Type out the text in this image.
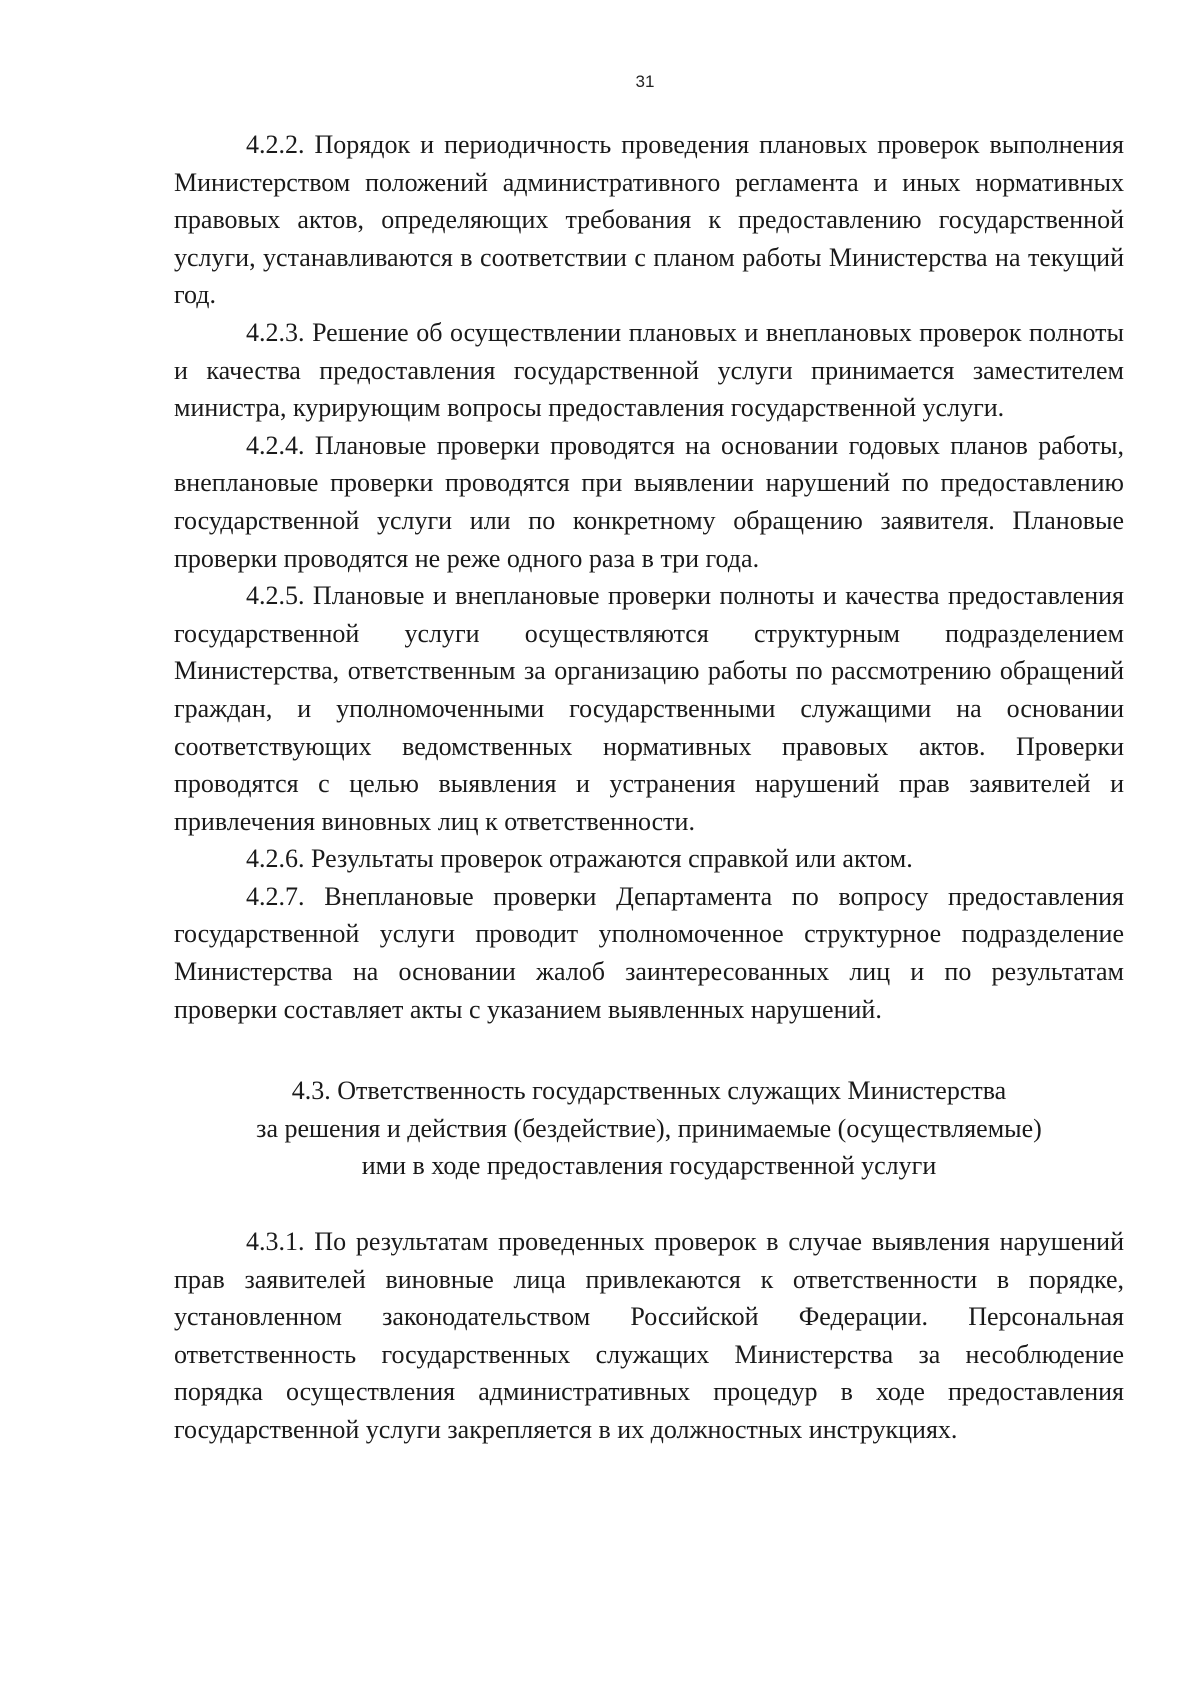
31

4.2.2. Порядок и периодичность проведения плановых проверок выполнения Министерством положений административного регламента и иных нормативных правовых актов, определяющих требования к предоставлению государственной услуги, устанавливаются в соответствии с планом работы Министерства на текущий год.

4.2.3. Решение об осуществлении плановых и внеплановых проверок полноты и качества предоставления государственной услуги принимается заместителем министра, курирующим вопросы предоставления государственной услуги.

4.2.4. Плановые проверки проводятся на основании годовых планов работы, внеплановые проверки проводятся при выявлении нарушений по предоставлению государственной услуги или по конкретному обращению заявителя. Плановые проверки проводятся не реже одного раза в три года.

4.2.5. Плановые и внеплановые проверки полноты и качества предоставления государственной услуги осуществляются структурным подразделением Министерства, ответственным за организацию работы по рассмотрению обращений граждан, и уполномоченными государственными служащими на основании соответствующих ведомственных нормативных правовых актов. Проверки проводятся с целью выявления и устранения нарушений прав заявителей и привлечения виновных лиц к ответственности.

4.2.6. Результаты проверок отражаются справкой или актом.

4.2.7. Внеплановые проверки Департамента по вопросу предоставления государственной услуги проводит уполномоченное структурное подразделение Министерства на основании жалоб заинтересованных лиц и по результатам проверки составляет акты с указанием выявленных нарушений.

4.3. Ответственность государственных служащих Министерства
за решения и действия (бездействие), принимаемые (осуществляемые)
ими в ходе предоставления государственной услуги

4.3.1. По результатам проведенных проверок в случае выявления нарушений прав заявителей виновные лица привлекаются к ответственности в порядке, установленном законодательством Российской Федерации. Персональная ответственность государственных служащих Министерства за несоблюдение порядка осуществления административных процедур в ходе предоставления государственной услуги закрепляется в их должностных инструкциях.
